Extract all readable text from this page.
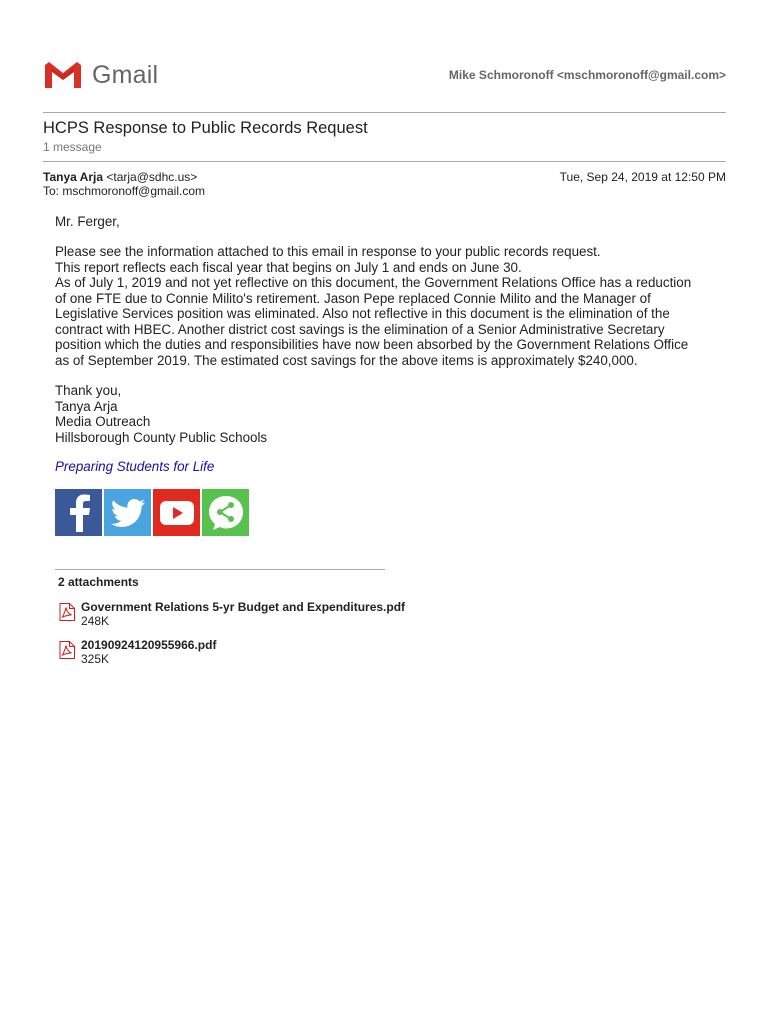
Gmail	Mike Schmoronoff <mschmoronoff@gmail.com>
HCPS Response to Public Records Request
1 message
Tanya Arja <tarja@sdhc.us>	Tue, Sep 24, 2019 at 12:50 PM
To: mschmoronoff@gmail.com

Mr. Ferger,

Please see the information attached to this email in response to your public records request.

This report reflects each fiscal year that begins on July 1 and ends on June 30.

As of July 1, 2019 and not yet reflective on this document, the Government Relations Office has a reduction

of one FTE due to Connie Milito's retirement. Jason Pepe replaced Connie Milito and the Manager of

Legislative Services position was eliminated. Also not reflective in this document is the elimination of the

contract with HBEC. Another district cost savings is the elimination of a Senior Administrative Secretary

position which the duties and responsibilities have now been absorbed by the Government Relations Office

as of September 2019. The estimated cost savings for the above items is approximately $240,000.

Thank you,

Tanya Arja

Media Outreach

Hillsborough County Public Schools

Preparing Students for Life

2 attachments
Government Relations 5-yr Budget and Expenditures.pdf
248K
20190924120955966.pdf
325K
